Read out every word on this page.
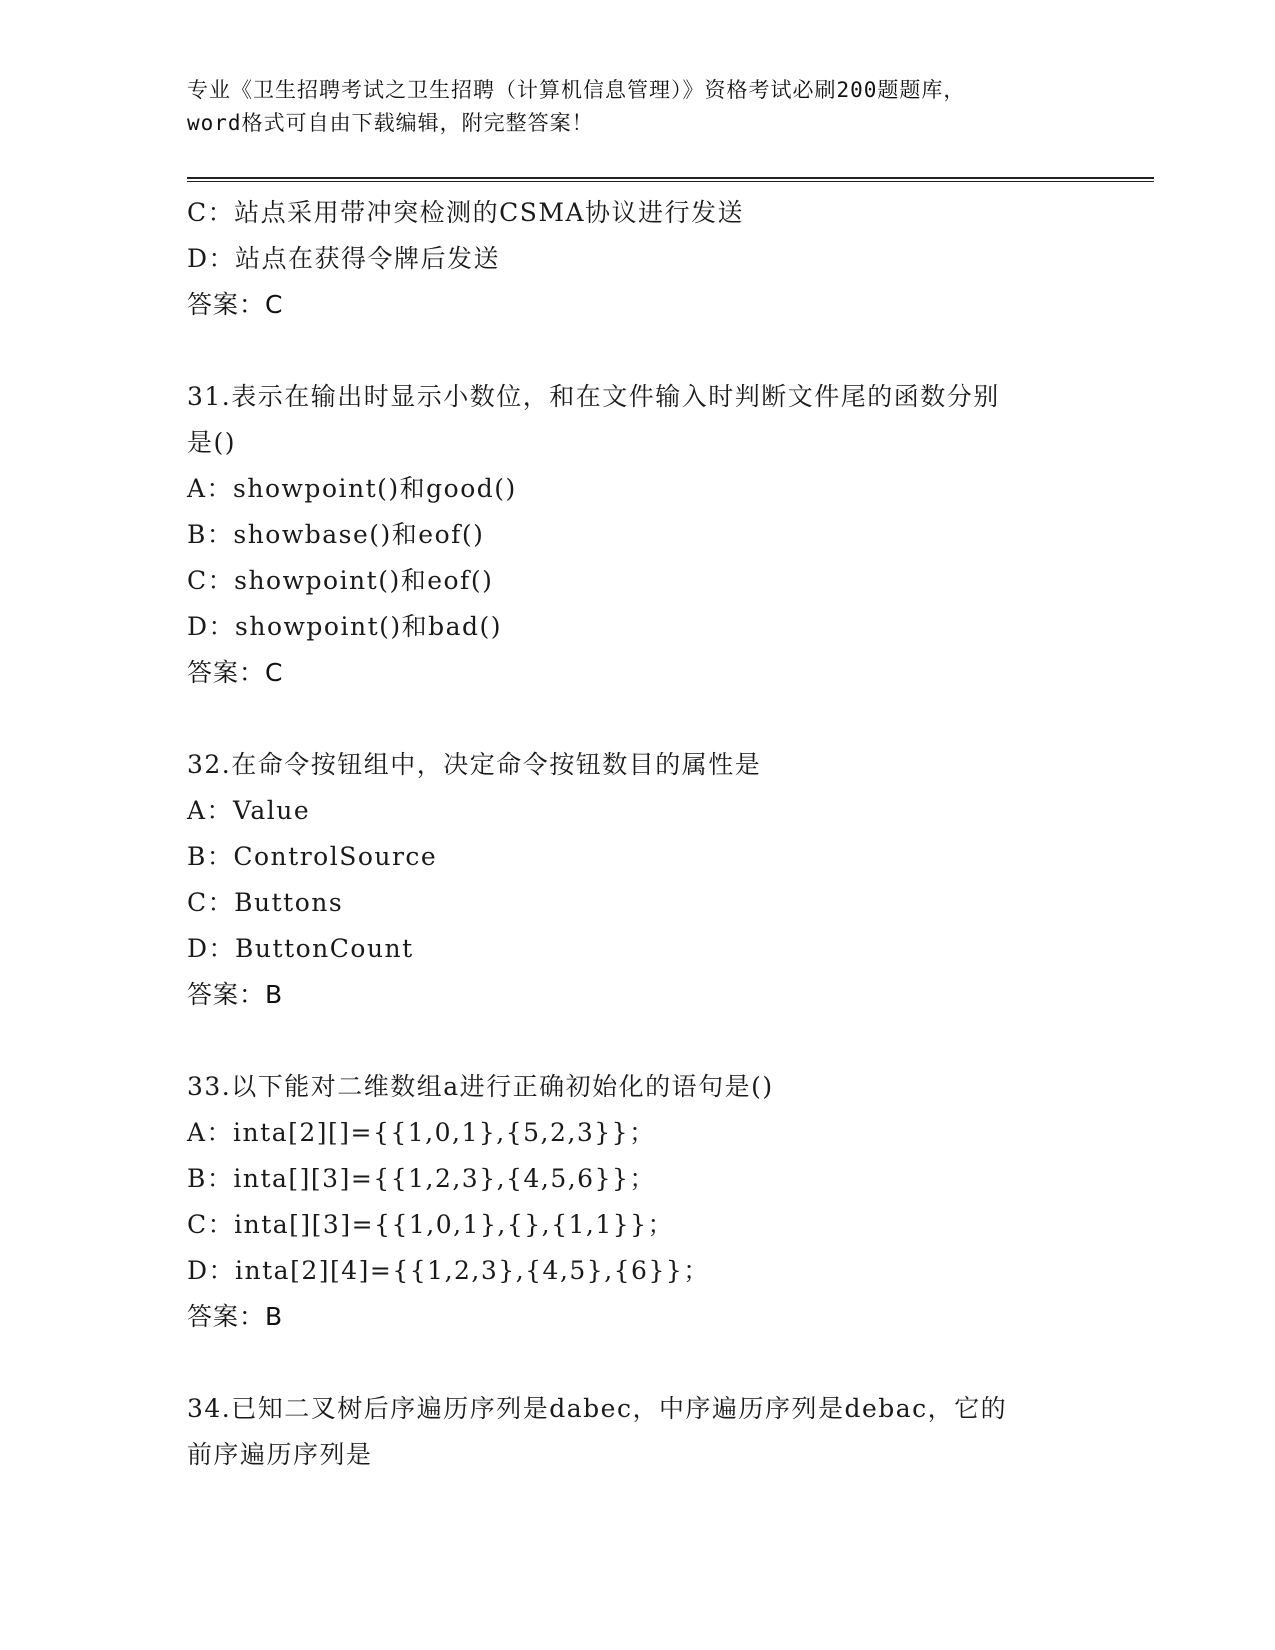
专业《卫生招聘考试之卫生招聘（计算机信息管理）》资格考试必刷200题题库，
word格式可自由下载编辑，附完整答案！
C：站点采用带冲突检测的CSMA协议进行发送
D：站点在获得令牌后发送
答案：C
31.表示在输出时显示小数位，和在文件输入时判断文件尾的函数分别
是()
A：showpoint()和good()
B：showbase()和eof()
C：showpoint()和eof()
D：showpoint()和bad()
答案：C
32.在命令按钮组中，决定命令按钮数目的属性是
A：Value
B：ControlSource
C：Buttons
D：ButtonCount
答案：B
33.以下能对二维数组a进行正确初始化的语句是()
A：inta[2][]={{1,0,1},{5,2,3}}；
B：inta[][3]={{1,2,3},{4,5,6}}；
C：inta[][3]={{1,0,1},{},{1,1}}；
D：inta[2][4]={{1,2,3},{4,5},{6}}；
答案：B
34.已知二叉树后序遍历序列是dabec，中序遍历序列是debac，它的
前序遍历序列是
